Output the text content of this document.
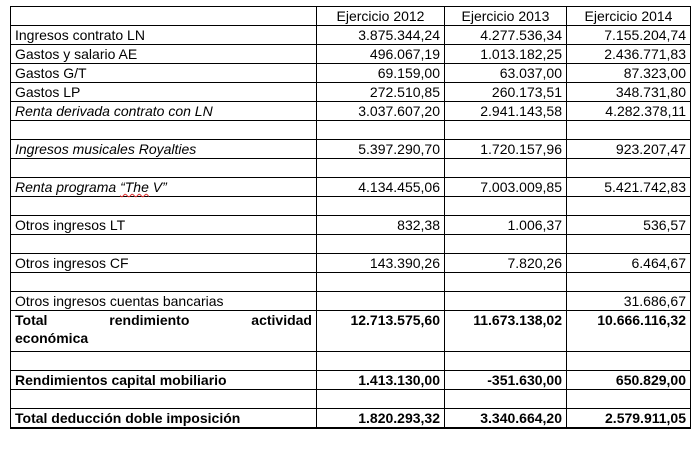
	Ejercicio 2012	Ejercicio 2013	Ejercicio 2014
Ingresos contrato LN	3.875.344,24	4.277.536,34	7.155.204,74
Gastos y salario AE	496.067,19	1.013.182,25	2.436.771,83
Gastos G/T	69.159,00	63.037,00	87.323,00
Gastos LP	272.510,85	260.173,51	348.731,80
Renta derivada contrato con LN	3.037.607,20	2.941.143,58	4.282.378,11

Ingresos musicales Royalties	5.397.290,70	1.720.157,96	923.207,47

Renta programa “The V”	4.134.455,06	7.003.009,85	5.421.742,83

Otros ingresos LT	832,38	1.006,37	536,57

Otros ingresos CF	143.390,26	7.820,26	6.464,67

Otros ingresos cuentas bancarias			31.686,67

Total rendimiento actividad
económica	12.713.575,60	11.673.138,02	10.666.116,32

Rendimientos capital mobiliario	1.413.130,00	-351.630,00	650.829,00

Total deducción doble imposición	1.820.293,32	3.340.664,20	2.579.911,05
